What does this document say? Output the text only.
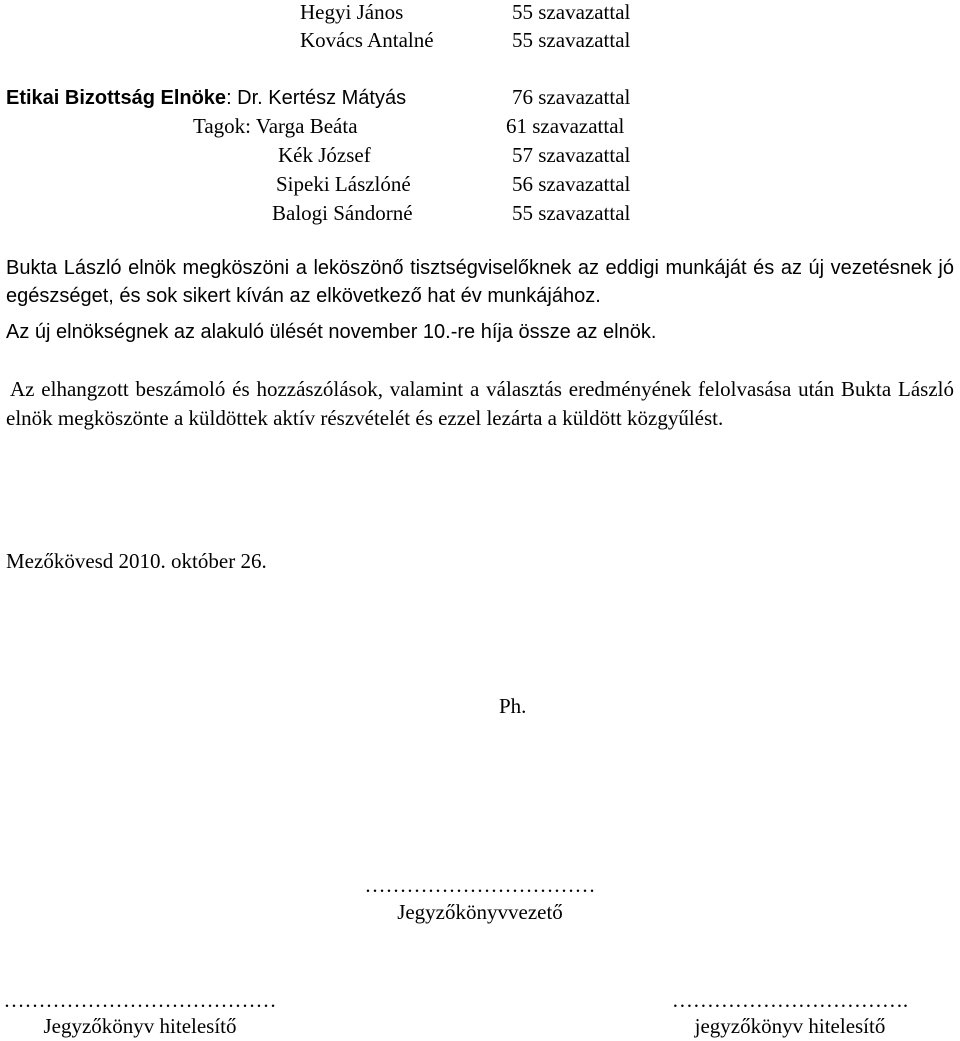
Hegyi János	55 szavazattal
Kovács Antalné	55 szavazattal
Etikai Bizottság Elnöke: Dr. Kertész Mátyás	76 szavazattal
Tagok: Varga Beáta	61 szavazattal
Kék József	57 szavazattal
Sipeki Lászlóné	56 szavazattal
Balogi Sándorné	55 szavazattal
Bukta László elnök megköszöni a leköszönő tisztségviselőknek az eddigi munkáját és az új vezetésnek jó egészséget, és sok sikert kíván az elkövetkező hat év munkájához.
Az új elnökségnek az alakuló ülését november 10.-re híja össze az elnök.
Az elhangzott beszámoló és hozzászólások, valamint a választás eredményének felolvasása után Bukta László elnök megköszönte a küldöttek aktív részvételét és ezzel lezárta a küldött közgyűlést.
Mezőkövesd 2010. október 26.
Ph.
……………………………
Jegyzőkönyvvezető
…………………………………
Jegyzőkönyv hitelesítő
…………………………….
jegyzőkönyv hitelesítő
